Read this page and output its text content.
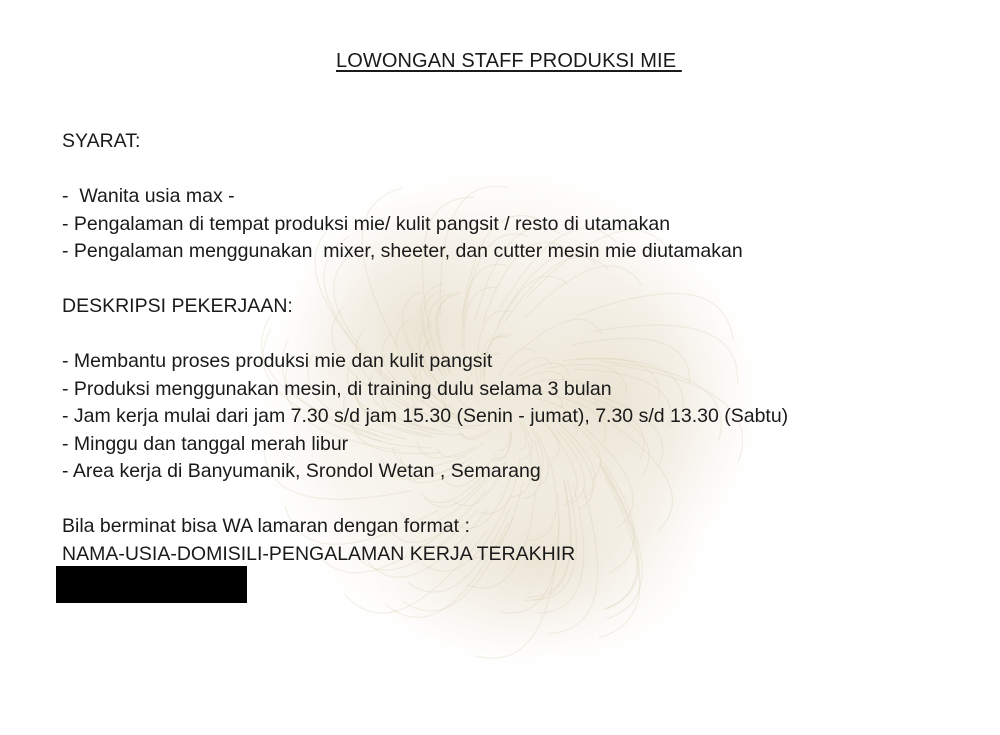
LOWONGAN STAFF PRODUKSI MIE

SYARAT:

-  Wanita usia max -

- Pengalaman di tempat produksi mie/ kulit pangsit / resto di utamakan

- Pengalaman menggunakan  mixer, sheeter, dan cutter mesin mie diutamakan

DESKRIPSI PEKERJAAN:

- Membantu proses produksi mie dan kulit pangsit

- Produksi menggunakan mesin, di training dulu selama 3 bulan

- Jam kerja mulai dari jam 7.30 s/d jam 15.30 (Senin - jumat), 7.30 s/d 13.30 (Sabtu)

- Minggu dan tanggal merah libur

- Area kerja di Banyumanik, Srondol Wetan , Semarang

Bila berminat bisa WA lamaran dengan format :

NAMA-USIA-DOMISILI-PENGALAMAN KERJA TERAKHIR
